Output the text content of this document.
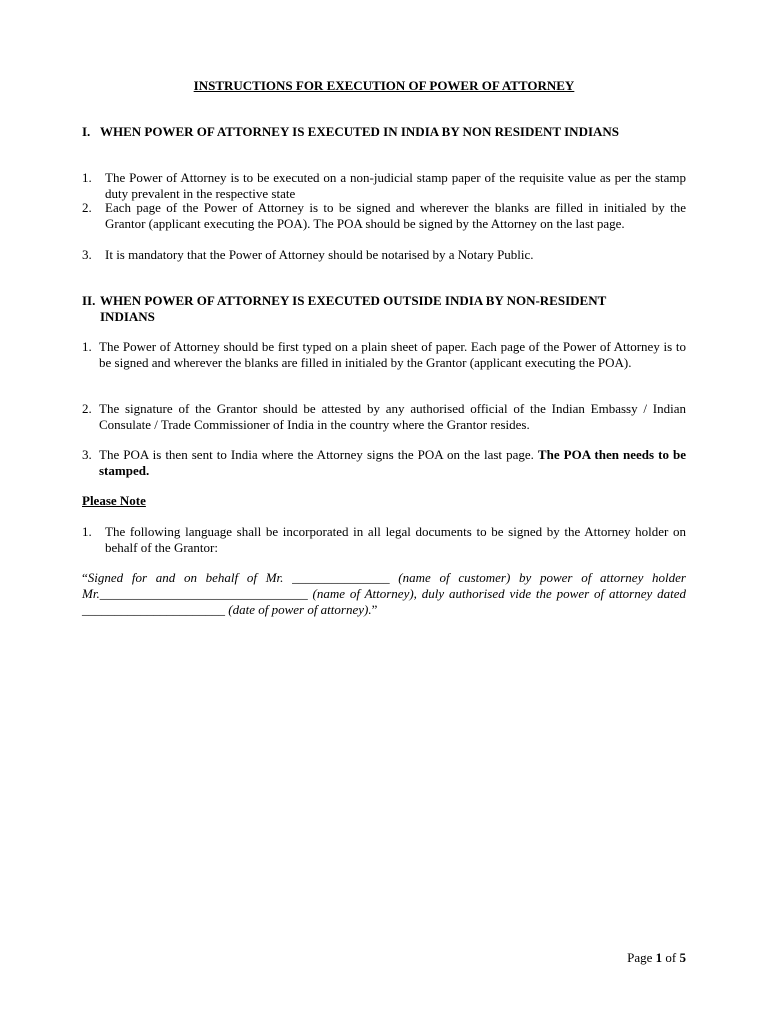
INSTRUCTIONS FOR EXECUTION OF POWER OF ATTORNEY
I. WHEN POWER OF ATTORNEY IS EXECUTED IN INDIA BY NON RESIDENT INDIANS
1. The Power of Attorney is to be executed on a non-judicial stamp paper of the requisite value as per the stamp duty prevalent in the respective state
2. Each page of the Power of Attorney is to be signed and wherever the blanks are filled in initialed by the Grantor (applicant executing the POA). The POA should be signed by the Attorney on the last page.
3. It is mandatory that the Power of Attorney should be notarised by a Notary Public.
II. WHEN POWER OF ATTORNEY IS EXECUTED OUTSIDE INDIA BY NON-RESIDENT
INDIANS
1. The Power of Attorney should be first typed on a plain sheet of paper. Each page of the Power of Attorney is to be signed and wherever the blanks are filled in initialed by the Grantor (applicant executing the POA).
2. The signature of the Grantor should be attested by any authorised official of the Indian Embassy / Indian Consulate / Trade Commissioner of India in the country where the Grantor resides.
3. The POA is then sent to India where the Attorney signs the POA on the last page. The POA then needs to be stamped.
Please Note
1. The following language shall be incorporated in all legal documents to be signed by the Attorney holder on behalf of the Grantor:
“Signed for and on behalf of Mr. _______________ (name of customer) by power of attorney holder Mr.________________________________ (name of Attorney), duly authorised vide the power of attorney dated ______________________ (date of power of attorney).”
Page 1 of 5
